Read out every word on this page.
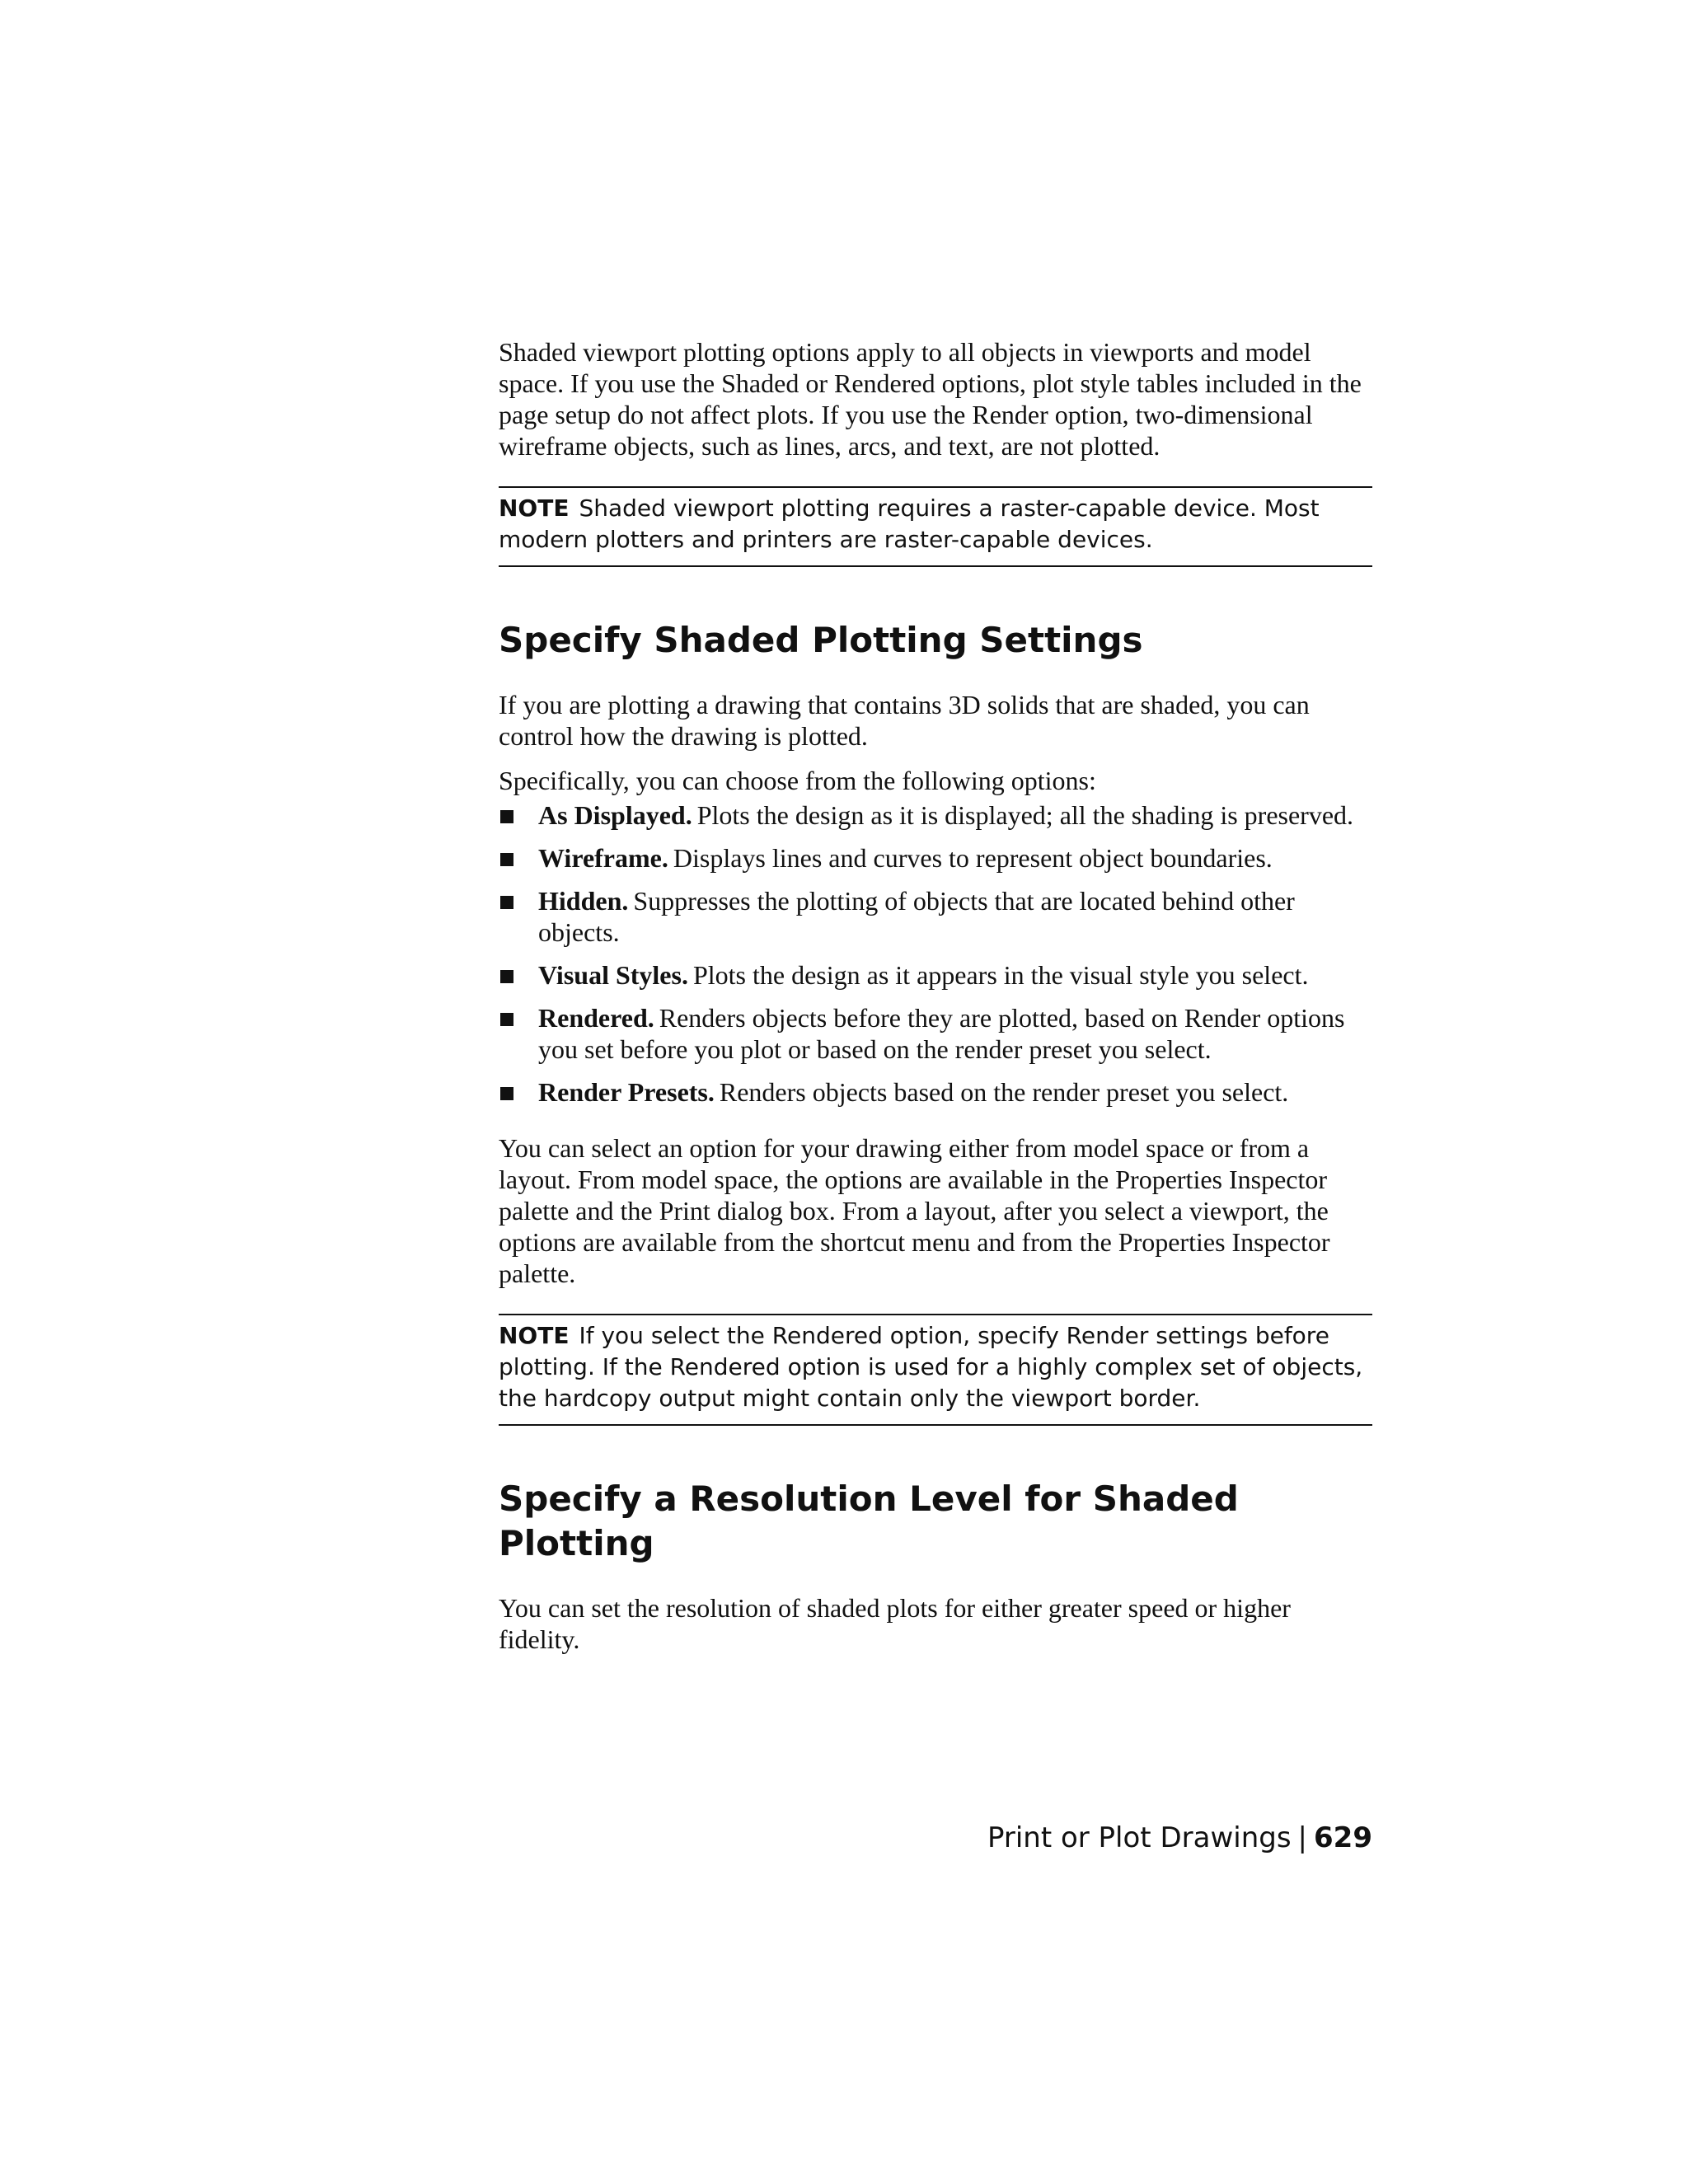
Shaded viewport plotting options apply to all objects in viewports and model space. If you use the Shaded or Rendered options, plot style tables included in the page setup do not affect plots. If you use the Render option, two-dimensional wireframe objects, such as lines, arcs, and text, are not plotted.

NOTE Shaded viewport plotting requires a raster-capable device. Most modern plotters and printers are raster-capable devices.
Specify Shaded Plotting Settings

If you are plotting a drawing that contains 3D solids that are shaded, you can control how the drawing is plotted.

Specifically, you can choose from the following options:

As Displayed. Plots the design as it is displayed; all the shading is preserved.
Wireframe. Displays lines and curves to represent object boundaries.
Hidden. Suppresses the plotting of objects that are located behind other objects.
Visual Styles. Plots the design as it appears in the visual style you select.
Rendered. Renders objects before they are plotted, based on Render options you set before you plot or based on the render preset you select.
Render Presets. Renders objects based on the render preset you select.

You can select an option for your drawing either from model space or from a layout. From model space, the options are available in the Properties Inspector palette and the Print dialog box. From a layout, after you select a viewport, the options are available from the shortcut menu and from the Properties Inspector palette.

NOTE If you select the Rendered option, specify Render settings before plotting. If the Rendered option is used for a highly complex set of objects, the hardcopy output might contain only the viewport border.
Specify a Resolution Level for Shaded Plotting

You can set the resolution of shaded plots for either greater speed or higher fidelity.

Print or Plot Drawings | 629
